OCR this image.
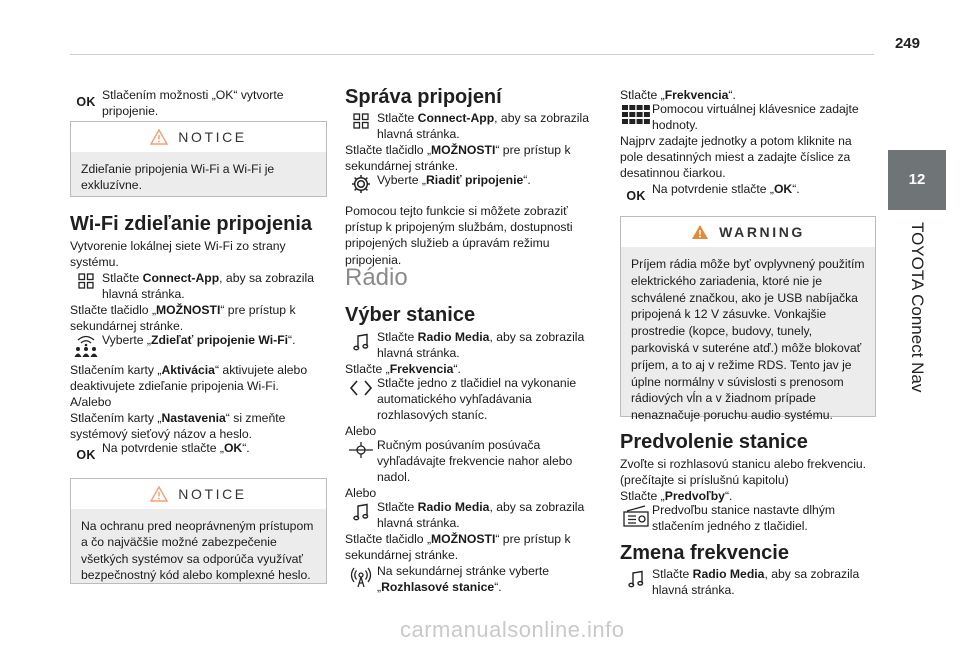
249
12
TOYOTA Connect Nav
OK Stlačením možnosti „OK“ vytvorte pripojenie.
NOTICE
Zdieľanie pripojenia Wi-Fi a Wi-Fi je exkluzívne.
Wi-Fi zdieľanie pripojenia
Vytvorenie lokálnej siete Wi-Fi zo strany systému.
Stlačte Connect-App, aby sa zobrazila hlavná stránka.
Stlačte tlačidlo „MOŽNOSTI“ pre prístup k sekundárnej stránke.
Vyberte „Zdieľať pripojenie Wi-Fi“.
Stlačením karty „Aktivácia“ aktivujete alebo deaktivujete zdieľanie pripojenia Wi-Fi.
A/alebo
Stlačením karty „Nastavenia“ si zmeňte systémový sieťový názov a heslo.
OK Na potvrdenie stlačte „OK“.
NOTICE
Na ochranu pred neoprávneným prístupom a čo najväčšie možné zabezpečenie všetkých systémov sa odporúča využívať bezpečnostný kód alebo komplexné heslo.
Správa pripojení
Stlačte Connect-App, aby sa zobrazila hlavná stránka.
Stlačte tlačidlo „MOŽNOSTI“ pre prístup k sekundárnej stránke.
Vyberte „Riadiť pripojenie“.
Pomocou tejto funkcie si môžete zobraziť prístup k pripojeným službám, dostupnosti pripojených služieb a úpravám režimu pripojenia.
Rádio
Výber stanice
Stlačte Radio Media, aby sa zobrazila hlavná stránka.
Stlačte „Frekvencia“.
Stlačte jedno z tlačidiel na vykonanie automatického vyhľadávania rozhlasových staníc.
Alebo
Ručným posúvaním posúvača vyhľadávajte frekvencie nahor alebo nadol.
Alebo
Stlačte Radio Media, aby sa zobrazila hlavná stránka.
Stlačte tlačidlo „MOŽNOSTI“ pre prístup k sekundárnej stránke.
Na sekundárnej stránke vyberte „Rozhlasové stanice“.
Stlačte „Frekvencia“.
Pomocou virtuálnej klávesnice zadajte hodnoty.
Najprv zadajte jednotky a potom kliknite na pole desatinných miest a zadajte číslice za desatinnou čiarkou.
OK Na potvrdenie stlačte „OK“.
WARNING
Príjem rádia môže byť ovplyvnený použitím elektrického zariadenia, ktoré nie je schválené značkou, ako je USB nabíjačka pripojená k 12 V zásuvke. Vonkajšie prostredie (kopce, budovy, tunely, parkoviská v suteréne atď.) môže blokovať príjem, a to aj v režime RDS. Tento jav je úplne normálny v súvislosti s prenosom rádiových vĺn a v žiadnom prípade nenaznačuje poruchu audio systému.
Predvolenie stanice
Zvoľte si rozhlasovú stanicu alebo frekvenciu. (prečítajte si príslušnú kapitolu)
Stlačte „Predvoľby“.
Predvoľbu stanice nastavte dlhým stlačením jedného z tlačidiel.
Zmena frekvencie
Stlačte Radio Media, aby sa zobrazila hlavná stránka.
carmanualsonline.info
